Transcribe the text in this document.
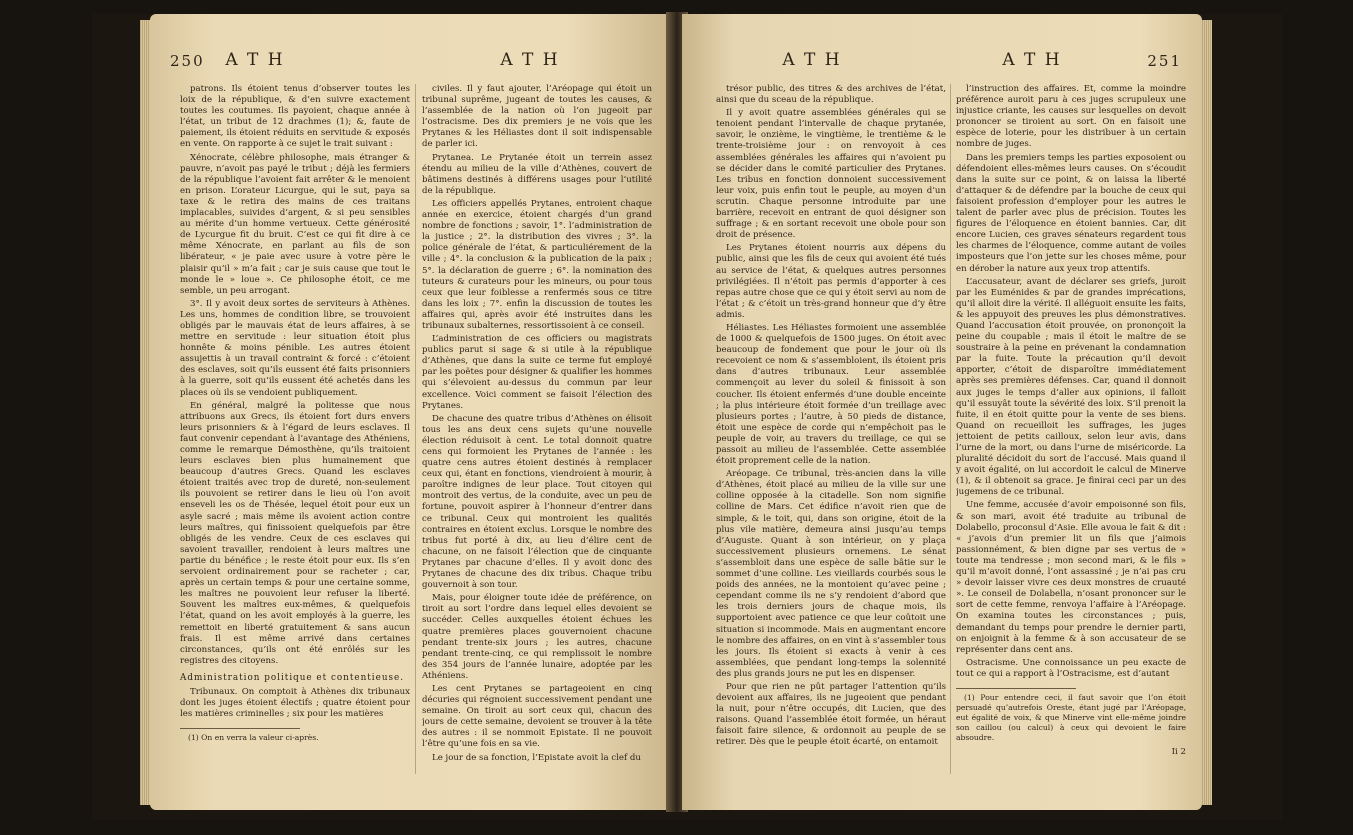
250	A T H	A T H

patrons. Ils étoient tenus d’observer toutes les loix de la république, & d’en suivre exactement toutes les coutumes. Ils payoient, chaque année à l’état, un tribut de 12 drachmes (1); &, faute de paiement, ils étoient réduits en servitude & exposés en vente. On rapporte à ce sujet le trait suivant :

Xénocrate, célèbre philosophe, mais étranger & pauvre, n’avoit pas payé le tribut ; déjà les fermiers de la république l’avoient fait arrêter & le menoient en prison. L’orateur Licurgue, qui le sut, paya sa taxe & le retira des mains de ces traitans implacables, suivides d’argent, & si peu sensibles au mérite d’un homme vertueux. Cette générosité de Lycurgue fit du bruit. C’est ce qui fit dire à ce même Xénocrate, en parlant au fils de son libérateur, « je paie avec usure à votre père le plaisir qu’il » m’a fait ; car je suis cause que tout le monde le » loue ». Ce philosophe étoit, ce me semble, un peu arrogant.

3°. Il y avoit deux sortes de serviteurs à Athènes. Les uns, hommes de condition libre, se trouvoient obligés par le mauvais état de leurs affaires, à se mettre en servitude : leur situation étoit plus honnête & moins pénible. Les autres étoient assujettis à un travail contraint & forcé : c’étoient des esclaves, soit qu’ils eussent été faits prisonniers à la guerre, soit qu’ils eussent été achetés dans les places où ils se vendoient publiquement.

En général, malgré la politesse que nous attribuons aux Grecs, ils étoient fort durs envers leurs prisonniers & à l’égard de leurs esclaves. Il faut convenir cependant à l’avantage des Athéniens, comme le remarque Démosthène, qu’ils traitoient leurs esclaves bien plus humainement que beaucoup d’autres Grecs. Quand les esclaves étoient traités avec trop de dureté, non-seulement ils pouvoient se retirer dans le lieu où l’on avoit enseveli les os de Thésée, lequel étoit pour eux un asyle sacré ; mais même ils avoient action contre leurs maîtres, qui finissoient quelquefois par être obligés de les vendre. Ceux de ces esclaves qui savoient travailler, rendoient à leurs maîtres une partie du bénéfice ; le reste étoit pour eux. Ils s’en servoient ordinairement pour se racheter ; car, après un certain temps & pour une certaine somme, les maîtres ne pouvoient leur refuser la liberté. Souvent les maîtres eux-mêmes, & quelquefois l’état, quand on les avoit employés à la guerre, les remettoit en liberté gratuitement & sans aucun frais. Il est même arrivé dans certaines circonstances, qu’ils ont été enrôlés sur les registres des citoyens.

Administration politique et contentieuse.

Tribunaux. On comptoit à Athènes dix tribunaux dont les juges étoient électifs ; quatre étoient pour les matières criminelles ; six pour les matières

(1) On en verra la valeur ci-après.

civiles. Il y faut ajouter, l’Aréopage qui étoit un tribunal suprême, jugeant de toutes les causes, & l’assemblée de la nation où l’on jugeoit par l’ostracisme. Des dix premiers je ne vois que les Prytanes & les Héliastes dont il soit indispensable de parler ici.

Prytanea. Le Prytanée étoit un terrein assez étendu au milieu de la ville d’Athènes, couvert de bâtimens destinés à différens usages pour l’utilité de la république.

Les officiers appellés Prytanes, entroient chaque année en exercice, étoient chargés d’un grand nombre de fonctions ; savoir, 1°. l’administration de la justice ; 2°. la distribution des vivres ; 3°. la police générale de l’état, & particuliérement de la ville ; 4°. la conclusion & la publication de la paix ; 5°. la déclaration de guerre ; 6°. la nomination des tuteurs & curateurs pour les mineurs, ou pour tous ceux que leur foiblesse a renfermés sous ce titre dans les loix ; 7°. enfin la discussion de toutes les affaires qui, après avoir été instruites dans les tribunaux subalternes, ressortissoient à ce conseil.

L’administration de ces officiers ou magistrats publics parut si sage & si utile à la république d’Athènes, que dans la suite ce terme fut employé par les poëtes pour désigner & qualifier les hommes qui s’élevoient au-dessus du commun par leur excellence. Voici comment se faisoit l’élection des Prytanes.

De chacune des quatre tribus d’Athènes on élisoit tous les ans deux cens sujets qu’une nouvelle élection réduisoit à cent. Le total donnoit quatre cens qui formoient les Prytanes de l’année : les quatre cens autres étoient destinés à remplacer ceux qui, étant en fonctions, viendroient à mourir, à paroître indignes de leur place. Tout citoyen qui montroit des vertus, de la conduite, avec un peu de fortune, pouvoit aspirer à l’honneur d’entrer dans ce tribunal. Ceux qui montroient les qualités contraires en étoient exclus. Lorsque le nombre des tribus fut porté à dix, au lieu d’élire cent de chacune, on ne faisoit l’élection que de cinquante Prytanes par chacune d’elles. Il y avoit donc des Prytanes de chacune des dix tribus. Chaque tribu gouvernoit à son tour.

Mais, pour éloigner toute idée de préférence, on tiroit au sort l’ordre dans lequel elles devoient se succéder. Celles auxquelles étoient échues les quatre premières places gouvernoient chacune pendant trente-six jours ; les autres, chacune pendant trente-cinq, ce qui remplissoit le nombre des 354 jours de l’année lunaire, adoptée par les Athéniens.

Les cent Prytanes se partageoient en cinq décuries qui régnoient successivement pendant une semaine. On tiroit au sort ceux qui, chacun des jours de cette semaine, devoient se trouver à la tête des autres : il se nommoit Epistate. Il ne pouvoit l’être qu’une fois en sa vie.

Le jour de sa fonction, l’Epistate avoit la clef du

A T H	A T H	251

trésor public, des titres & des archives de l’état, ainsi que du sceau de la république.

Il y avoit quatre assemblées générales qui se tenoient pendant l’intervalle de chaque prytanée, savoir, le onzième, le vingtième, le trentième & le trente-troisième jour : on renvoyoit à ces assemblées générales les affaires qui n’avoient pu se décider dans le comité particulier des Prytanes. Les tribus en fonction donnoient successivement leur voix, puis enfin tout le peuple, au moyen d’un scrutin. Chaque personne introduite par une barrière, recevoit en entrant de quoi désigner son suffrage ; & en sortant recevoit une obole pour son droit de présence.

Les Prytanes étoient nourris aux dépens du public, ainsi que les fils de ceux qui avoient été tués au service de l’état, & quelques autres personnes privilégiées. Il n’étoit pas permis d’apporter à ces repas autre chose que ce qui y étoit servi au nom de l’état ; & c’étoit un très-grand honneur que d’y être admis.

Héliastes. Les Héliastes formoient une assemblée de 1000 & quelquefois de 1500 juges. On étoit avec beaucoup de fondement que pour le jour où ils recevoient ce nom & s’assembloient, ils étoient pris dans d’autres tribunaux. Leur assemblée commençoit au lever du soleil & finissoit à son coucher. Ils étoient enfermés d’une double enceinte ; la plus intérieure étoit formée d’un treillage avec plusieurs portes ; l’autre, à 50 pieds de distance, étoit une espèce de corde qui n’empêchoit pas le peuple de voir, au travers du treillage, ce qui se passoit au milieu de l’assemblée. Cette assemblée étoit proprement celle de la nation.

Aréopage. Ce tribunal, très-ancien dans la ville d’Athènes, étoit placé au milieu de la ville sur une colline opposée à la citadelle. Son nom signifie colline de Mars. Cet édifice n’avoit rien que de simple, & le toit, qui, dans son origine, étoit de la plus vile matière, demeura ainsi jusqu’au temps d’Auguste. Quant à son intérieur, on y plaça successivement plusieurs ornemens. Le sénat s’assembloit dans une espèce de salle bâtie sur le sommet d’une colline. Les vieillards courbés sous le poids des années, ne la montoient qu’avec peine ; cependant comme ils ne s’y rendoient d’abord que les trois derniers jours de chaque mois, ils supportoient avec patience ce que leur coûtoit une situation si incommode. Mais en augmentant encore le nombre des affaires, on en vint à s’assembler tous les jours. Ils étoient si exacts à venir à ces assemblées, que pendant long-temps la solennité des plus grands jours ne put les en dispenser.

Pour que rien ne pût partager l’attention qu’ils devoient aux affaires, ils ne jugeoient que pendant la nuit, pour n’être occupés, dit Lucien, que des raisons. Quand l’assemblée étoit formée, un héraut faisoit faire silence, & ordonnoit au peuple de se retirer. Dès que le peuple étoit écarté, on entamoit

l’instruction des affaires. Et, comme la moindre préférence auroit paru à ces juges scrupuleux une injustice criante, les causes sur lesquelles on devoit prononcer se tiroient au sort. On en faisoit une espèce de loterie, pour les distribuer à un certain nombre de juges.

Dans les premiers temps les parties exposoient ou défendoient elles-mêmes leurs causes. On s’écoudit dans la suite sur ce point, & on laissa la liberté d’attaquer & de défendre par la bouche de ceux qui faisoient profession d’employer pour les autres le talent de parler avec plus de précision. Toutes les figures de l’éloquence en étoient bannies. Car, dit encore Lucien, ces graves sénateurs regardent tous les charmes de l’éloquence, comme autant de voiles imposteurs que l’on jette sur les choses même, pour en dérober la nature aux yeux trop attentifs.

L’accusateur, avant de déclarer ses griefs, juroit par les Euménides & par de grandes imprécations, qu’il alloit dire la vérité. Il alléguoit ensuite les faits, & les appuyoit des preuves les plus démonstratives. Quand l’accusation étoit prouvée, on prononçoit la peine du coupable ; mais il étoit le maître de se soustraire à la peine en prévenant la condamnation par la fuite. Toute la précaution qu’il devoit apporter, c’étoit de disparoître immédiatement après ses premières défenses. Car, quand il donnoit aux juges le temps d’aller aux opinions, il falloit qu’il essuyât toute la sévérité des loix. S’il prenoit la fuite, il en étoit quitte pour la vente de ses biens. Quand on recueilloit les suffrages, les juges jettoient de petits cailloux, selon leur avis, dans l’urne de la mort, ou dans l’urne de miséricorde. La pluralité décidoit du sort de l’accusé. Mais quand il y avoit égalité, on lui accordoit le calcul de Minerve (1), & il obtenoit sa grace. Je finirai ceci par un des jugemens de ce tribunal.

Une femme, accusée d’avoir empoisonné son fils, & son mari, avoit été traduite au tribunal de Dolabello, proconsul d’Asie. Elle avoua le fait & dit : « j’avois d’un premier lit un fils que j’aimois passionnément, & bien digne par ses vertus de » toute ma tendresse ; mon second mari, & le fils » qu’il m’avoit donné, l’ont assassiné ; je n’ai pas cru » devoir laisser vivre ces deux monstres de cruauté ». Le conseil de Dolabella, n’osant prononcer sur le sort de cette femme, renvoya l’affaire à l’Aréopage. On examina toutes les circonstances ; puis, demandant du temps pour prendre le dernier parti, on enjoignit à la femme & à son accusateur de se représenter dans cent ans.

Ostracisme. Une connoissance un peu exacte de tout ce qui a rapport à l’Ostracisme, est d’autant

(1) Pour entendre ceci, il faut savoir que l’on étoit persuadé qu’autrefois Oreste, étant jugé par l’Aréopage, eut égalité de voix, & que Minerve vint elle-même joindre son caillou (ou calcul) à ceux qui devoient le faire absoudre.

Ii 2
